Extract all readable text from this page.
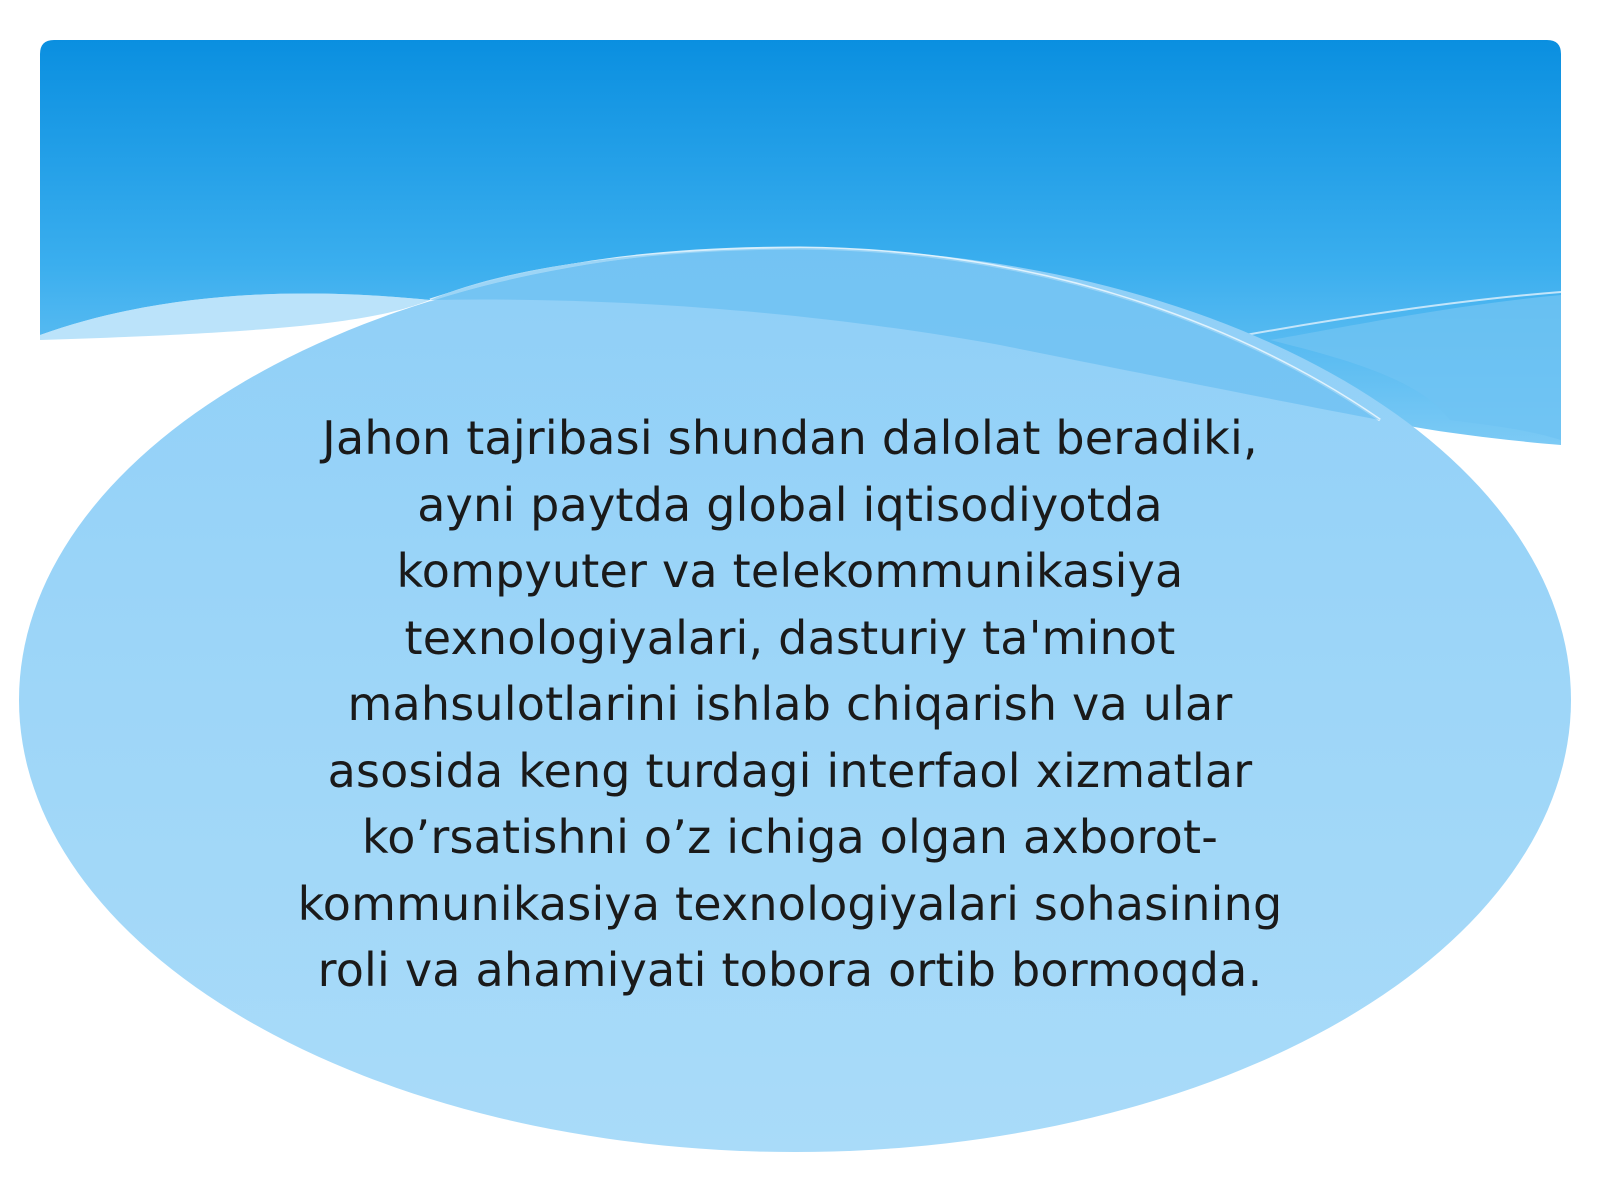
Jahon tajribasi shundan dalolat beradiki,
ayni paytda global iqtisodiyotda
kompyuter va telekommunikasiya
texnologiyalari, dasturiy ta'minot
mahsulotlarini ishlab chiqarish va ular
asosida keng turdagi interfaol xizmatlar
ko’rsatishni o’z ichiga olgan axborot-
kommunikasiya texnologiyalari sohasining
roli va ahamiyati tobora ortib bormoqda.
